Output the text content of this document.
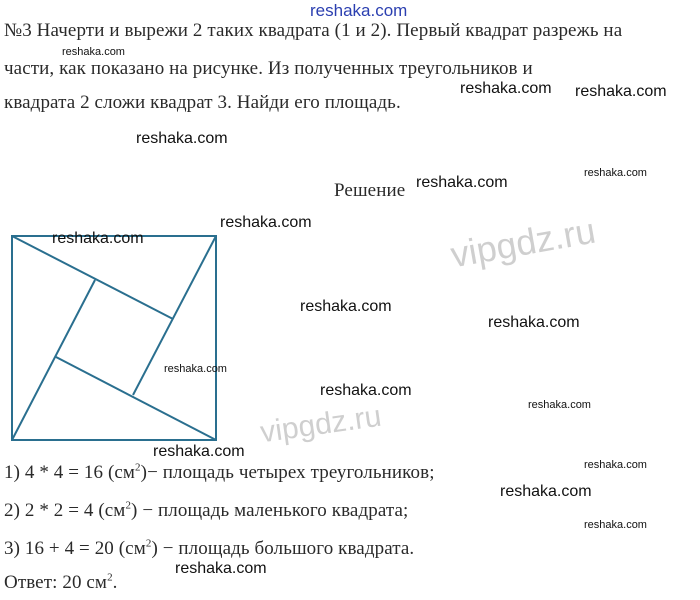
vipgdz.ru
vipgdz.ru
reshaka.com
№3 Начерти и вырежи 2 таких квадрата (1 и 2). Первый квадрат разрежь на
части, как показано на рисунке. Из полученных треугольников и
квадрата 2 сложи квадрат 3. Найди его площадь.
Решение
1) 4 * 4 = 16 $(см^2)-$ площадь четырех треугольников;
2) 2 * 2 = 4 $(см^2)$ − площадь маленького квадрата;
3) 16 + 4 = 20 $(см^2)$ − площадь большого квадрата.
Ответ: 20 $см^2$.
reshaka.com
reshaka.com reshaka.com
reshaka.com
reshaka.com
reshaka.com
reshaka.com
reshaka.com
reshaka.com
reshaka.com
reshaka.com
reshaka.com
reshaka.com
reshaka.com
reshaka.com
reshaka.com
reshaka.com
reshaka.com
